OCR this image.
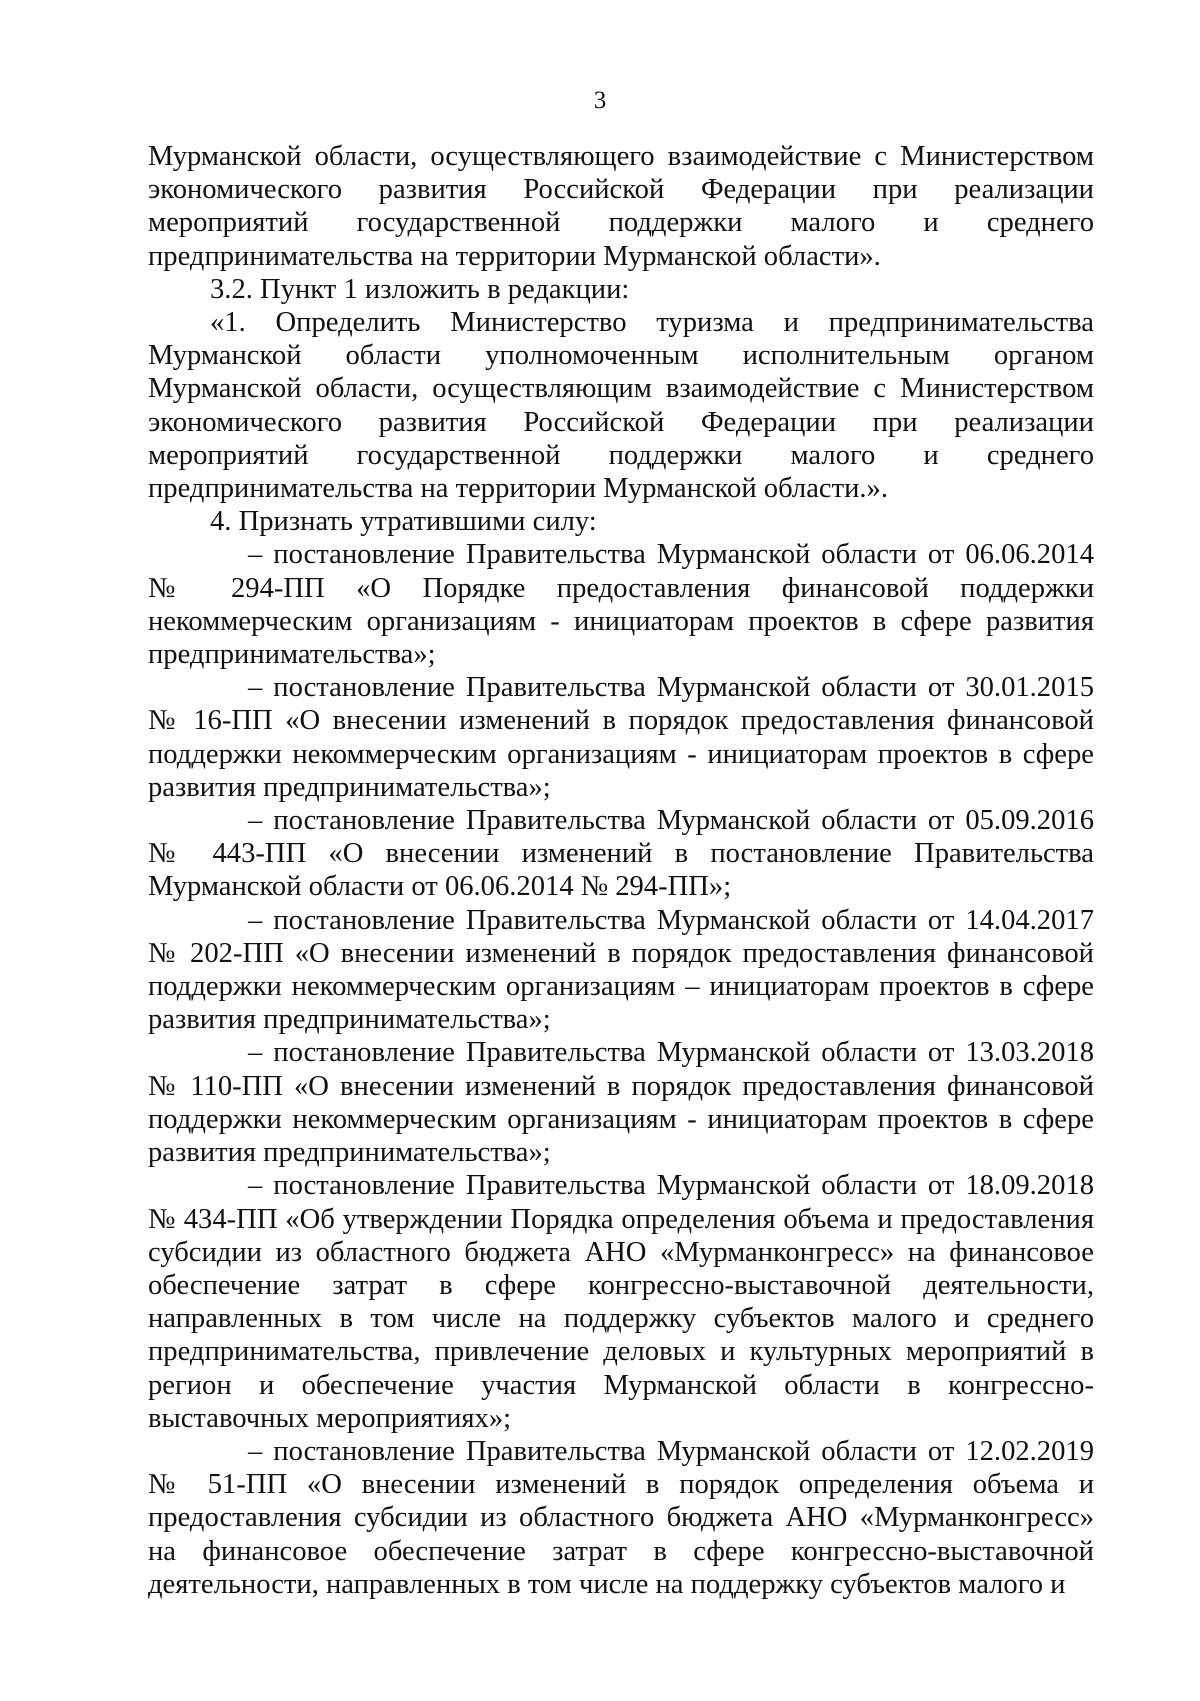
3

Мурманской области, осуществляющего взаимодействие с Министерством экономического развития Российской Федерации при реализации мероприятий государственной поддержки малого и среднего предпринимательства на территории Мурманской области».

3.2. Пункт 1 изложить в редакции:

«1. Определить Министерство туризма и предпринимательства Мурманской области уполномоченным исполнительным органом Мурманской области, осуществляющим взаимодействие с Министерством экономического развития Российской Федерации при реализации мероприятий государственной поддержки малого и среднего предпринимательства на территории Мурманской области.».

4. Признать утратившими силу:

– постановление Правительства Мурманской области от 06.06.2014 № 294-ПП «О Порядке предоставления финансовой поддержки некоммерческим организациям - инициаторам проектов в сфере развития предпринимательства»;

– постановление Правительства Мурманской области от 30.01.2015 № 16-ПП «О внесении изменений в порядок предоставления финансовой поддержки некоммерческим организациям - инициаторам проектов в сфере развития предпринимательства»;

– постановление Правительства Мурманской области от 05.09.2016 № 443-ПП «О внесении изменений в постановление Правительства Мурманской области от 06.06.2014 № 294-ПП»;

– постановление Правительства Мурманской области от 14.04.2017 № 202-ПП «О внесении изменений в порядок предоставления финансовой поддержки некоммерческим организациям – инициаторам проектов в сфере развития предпринимательства»;

– постановление Правительства Мурманской области от 13.03.2018 № 110-ПП «О внесении изменений в порядок предоставления финансовой поддержки некоммерческим организациям - инициаторам проектов в сфере развития предпринимательства»;

– постановление Правительства Мурманской области от 18.09.2018 № 434-ПП «Об утверждении Порядка определения объема и предоставления субсидии из областного бюджета АНО «Мурманконгресс» на финансовое обеспечение затрат в сфере конгрессно-выставочной деятельности, направленных в том числе на поддержку субъектов малого и среднего предпринимательства, привлечение деловых и культурных мероприятий в регион и обеспечение участия Мурманской области в конгрессно-выставочных мероприятиях»;

– постановление Правительства Мурманской области от 12.02.2019 № 51-ПП «О внесении изменений в порядок определения объема и предоставления субсидии из областного бюджета АНО «Мурманконгресс» на финансовое обеспечение затрат в сфере конгрессно-выставочной деятельности, направленных в том числе на поддержку субъектов малого и
